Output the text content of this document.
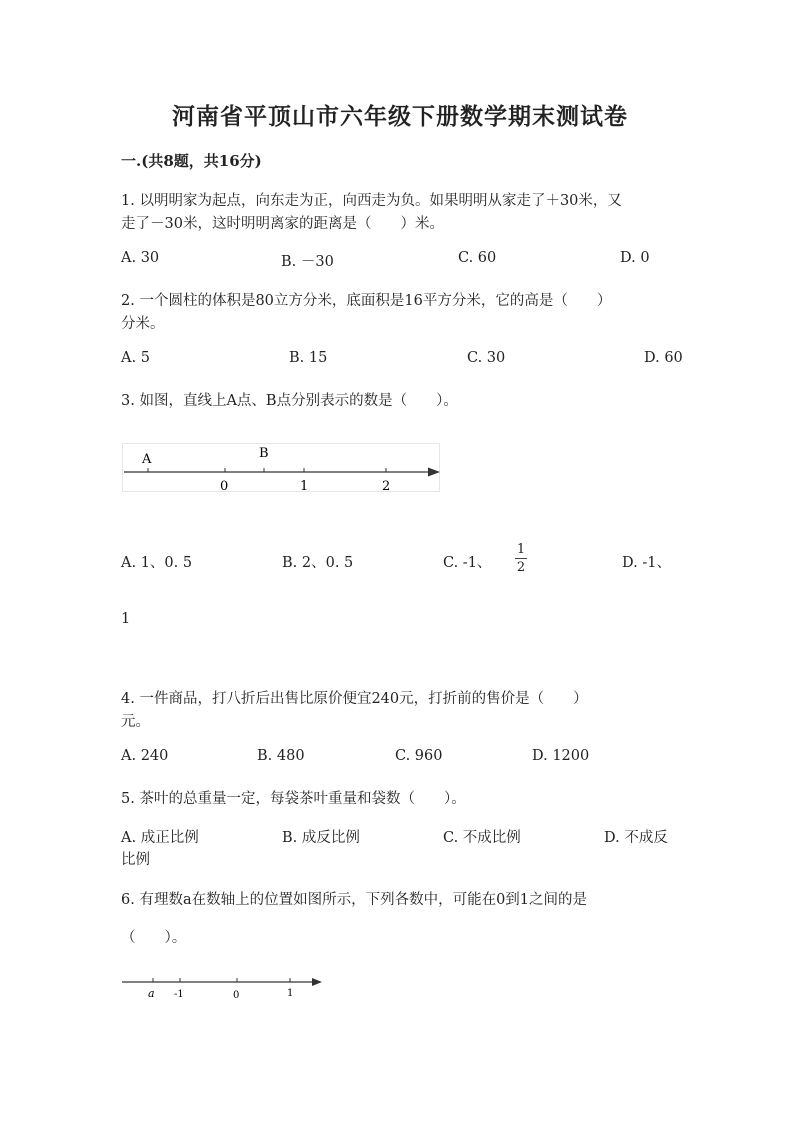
河南省平顶山市六年级下册数学期末测试卷
一.(共8题，共16分)
1. 以明明家为起点，向东走为正，向西走为负。如果明明从家走了＋30米，又
走了－30米，这时明明离家的距离是（　　）米。
A. 30	B. －30	C. 60	D. 0
2. 一个圆柱的体积是80立方分米，底面积是16平方分米，它的高是（　　）
分米。
A. 5	B. 15	C. 30	D. 60
3. 如图，直线上A点、B点分别表示的数是（　　）。
A	B
0	1	2
A. 1、0. 5	B. 2、0. 5	C. -1、
1
2	D. -1、
1
4. 一件商品，打八折后出售比原价便宜240元，打折前的售价是（　　）
元。
A. 240	B. 480	C. 960	D. 1200
5. 茶叶的总重量一定，每袋茶叶重量和袋数（　　）。
A. 成正比例	B. 成反比例	C. 不成比例	D. 不成反
比例
6. 有理数a在数轴上的位置如图所示，下列各数中，可能在0到1之间的是
（　　）。
a -1	0	1
